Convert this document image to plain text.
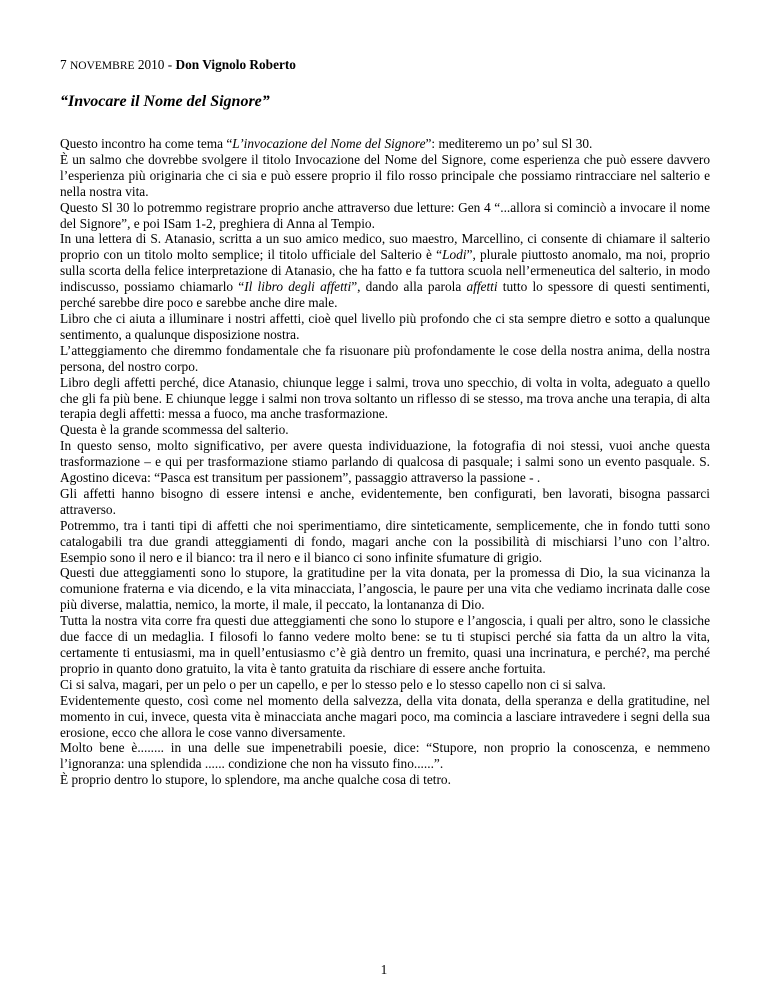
7 NOVEMBRE 2010 - Don Vignolo Roberto
“Invocare il Nome del Signore”

Questo incontro ha come tema “L’invocazione del Nome del Signore”: mediteremo un po’ sul Sl 30.

È un salmo che dovrebbe svolgere il titolo Invocazione del Nome del Signore, come esperienza che può essere davvero l’esperienza più originaria che ci sia e può essere proprio il filo rosso principale che possiamo rintracciare nel salterio e nella nostra vita.

Questo Sl 30 lo potremmo registrare proprio anche attraverso due letture: Gen 4 “...allora si cominciò a invocare il nome del Signore”, e poi ISam 1-2, preghiera di Anna al Tempio.

In una lettera di S. Atanasio, scritta a un suo amico medico, suo maestro, Marcellino, ci consente di chiamare il salterio proprio con un titolo molto semplice; il titolo ufficiale del Salterio è “Lodi”, plurale piuttosto anomalo, ma noi, proprio sulla scorta della felice interpretazione di Atanasio, che ha fatto e fa tuttora scuola nell’ermeneutica del salterio, in modo indiscusso, possiamo chiamarlo “Il libro degli affetti”, dando alla parola affetti tutto lo spessore di questi sentimenti, perché sarebbe dire poco e sarebbe anche dire male.

Libro che ci aiuta a illuminare i nostri affetti, cioè quel livello più profondo che ci sta sempre dietro e sotto a qualunque sentimento, a qualunque disposizione nostra.

L’atteggiamento che diremmo fondamentale che fa risuonare più profondamente le cose della nostra anima, della nostra persona, del nostro corpo.

Libro degli affetti perché, dice Atanasio, chiunque legge i salmi, trova uno specchio, di volta in volta, adeguato a quello che gli fa più bene. E chiunque legge i salmi non trova soltanto un riflesso di se stesso, ma trova anche una terapia, di alta terapia degli affetti: messa a fuoco, ma anche trasformazione.

Questa è la grande scommessa del salterio.

In questo senso, molto significativo, per avere questa individuazione, la fotografia di noi stessi, vuoi anche questa trasformazione – e qui per trasformazione stiamo parlando di qualcosa di pasquale; i salmi sono un evento pasquale. S. Agostino diceva: “Pasca est transitum per passionem”, passaggio attraverso la passione - .

Gli affetti hanno bisogno di essere intensi e anche, evidentemente, ben configurati, ben lavorati, bisogna passarci attraverso.

Potremmo, tra i tanti tipi di affetti che noi sperimentiamo, dire sinteticamente, semplicemente, che in fondo tutti sono catalogabili tra due grandi atteggiamenti di fondo, magari anche con la possibilità di mischiarsi l’uno con l’altro. Esempio sono il nero e il bianco: tra il nero e il bianco ci sono infinite sfumature di grigio.

Questi due atteggiamenti sono lo stupore, la gratitudine per la vita donata, per la promessa di Dio, la sua vicinanza la comunione fraterna e via dicendo, e la vita minacciata, l’angoscia, le paure per una vita che vediamo incrinata dalle cose più diverse, malattia, nemico, la morte, il male, il peccato, la lontananza di Dio.

Tutta la nostra vita corre fra questi due atteggiamenti che sono lo stupore e l’angoscia, i quali per altro, sono le classiche due facce di un medaglia. I filosofi lo fanno vedere molto bene: se tu ti stupisci perché sia fatta da un altro la vita, certamente ti entusiasmi, ma in quell’entusiasmo c’è già dentro un fremito, quasi una incrinatura, e perché?, ma perché proprio in quanto dono gratuito, la vita è tanto gratuita da rischiare di essere anche fortuita.

Ci si salva, magari, per un pelo o per un capello, e per lo stesso pelo e lo stesso capello non ci si salva.

Evidentemente questo, così come nel momento della salvezza, della vita donata, della speranza e della gratitudine, nel momento in cui, invece, questa vita è minacciata anche magari poco, ma comincia a lasciare intravedere i segni della sua erosione, ecco che allora le cose vanno diversamente.

Molto bene è........ in una delle sue impenetrabili poesie, dice: “Stupore, non proprio la conoscenza, e nemmeno l’ignoranza: una splendida ...... condizione che non ha vissuto fino......”.

È proprio dentro lo stupore, lo splendore, ma anche qualche cosa di tetro.

1
